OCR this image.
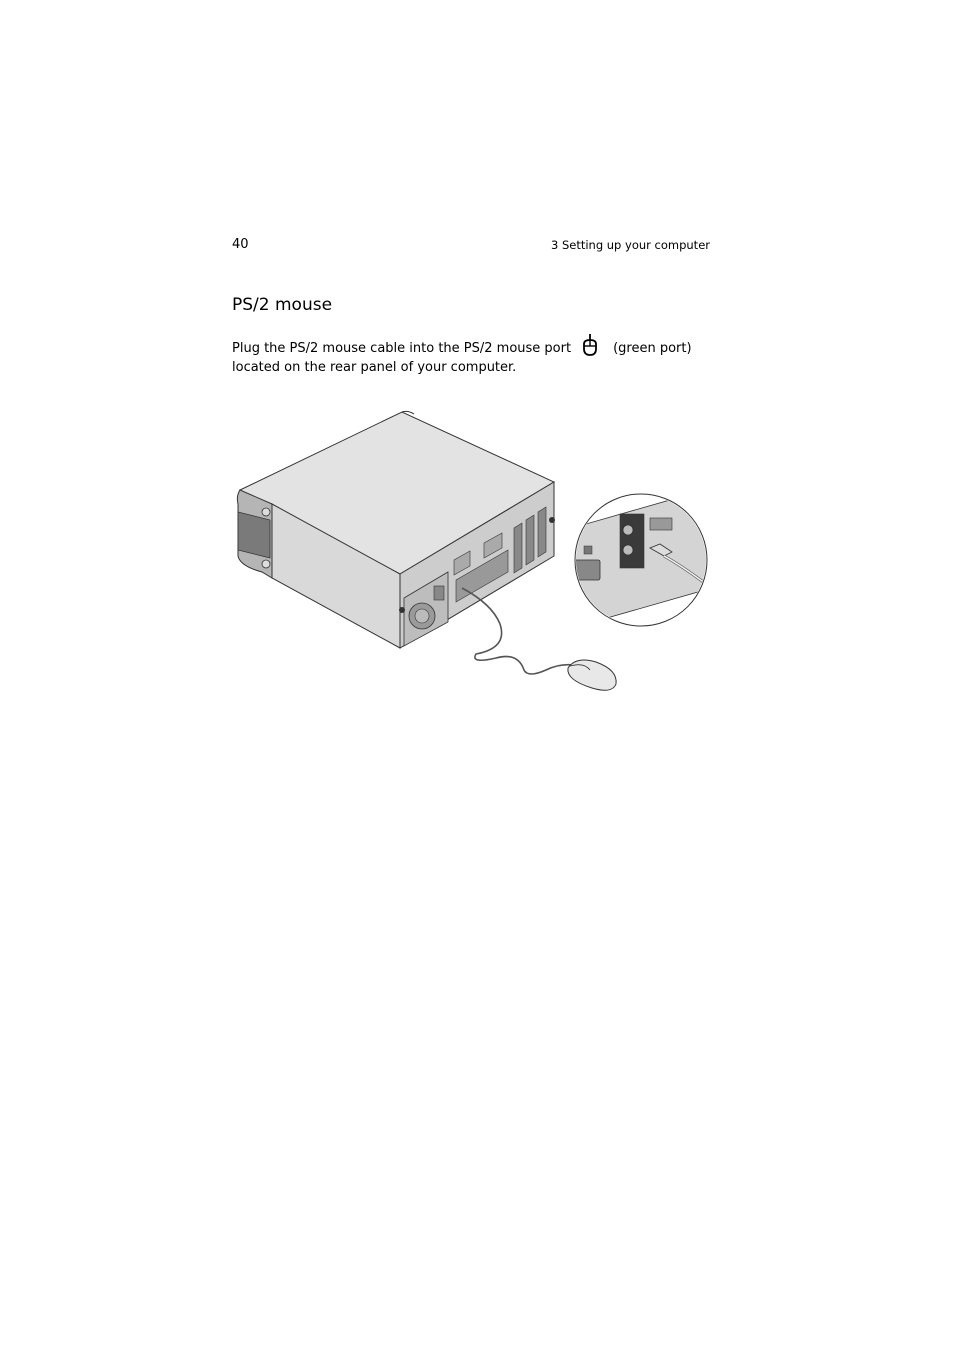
40	3 Setting up your computer
PS/2 mouse
Plug the PS/2 mouse cable into the PS/2 mouse port	(green port)
located on the rear panel of your computer.
